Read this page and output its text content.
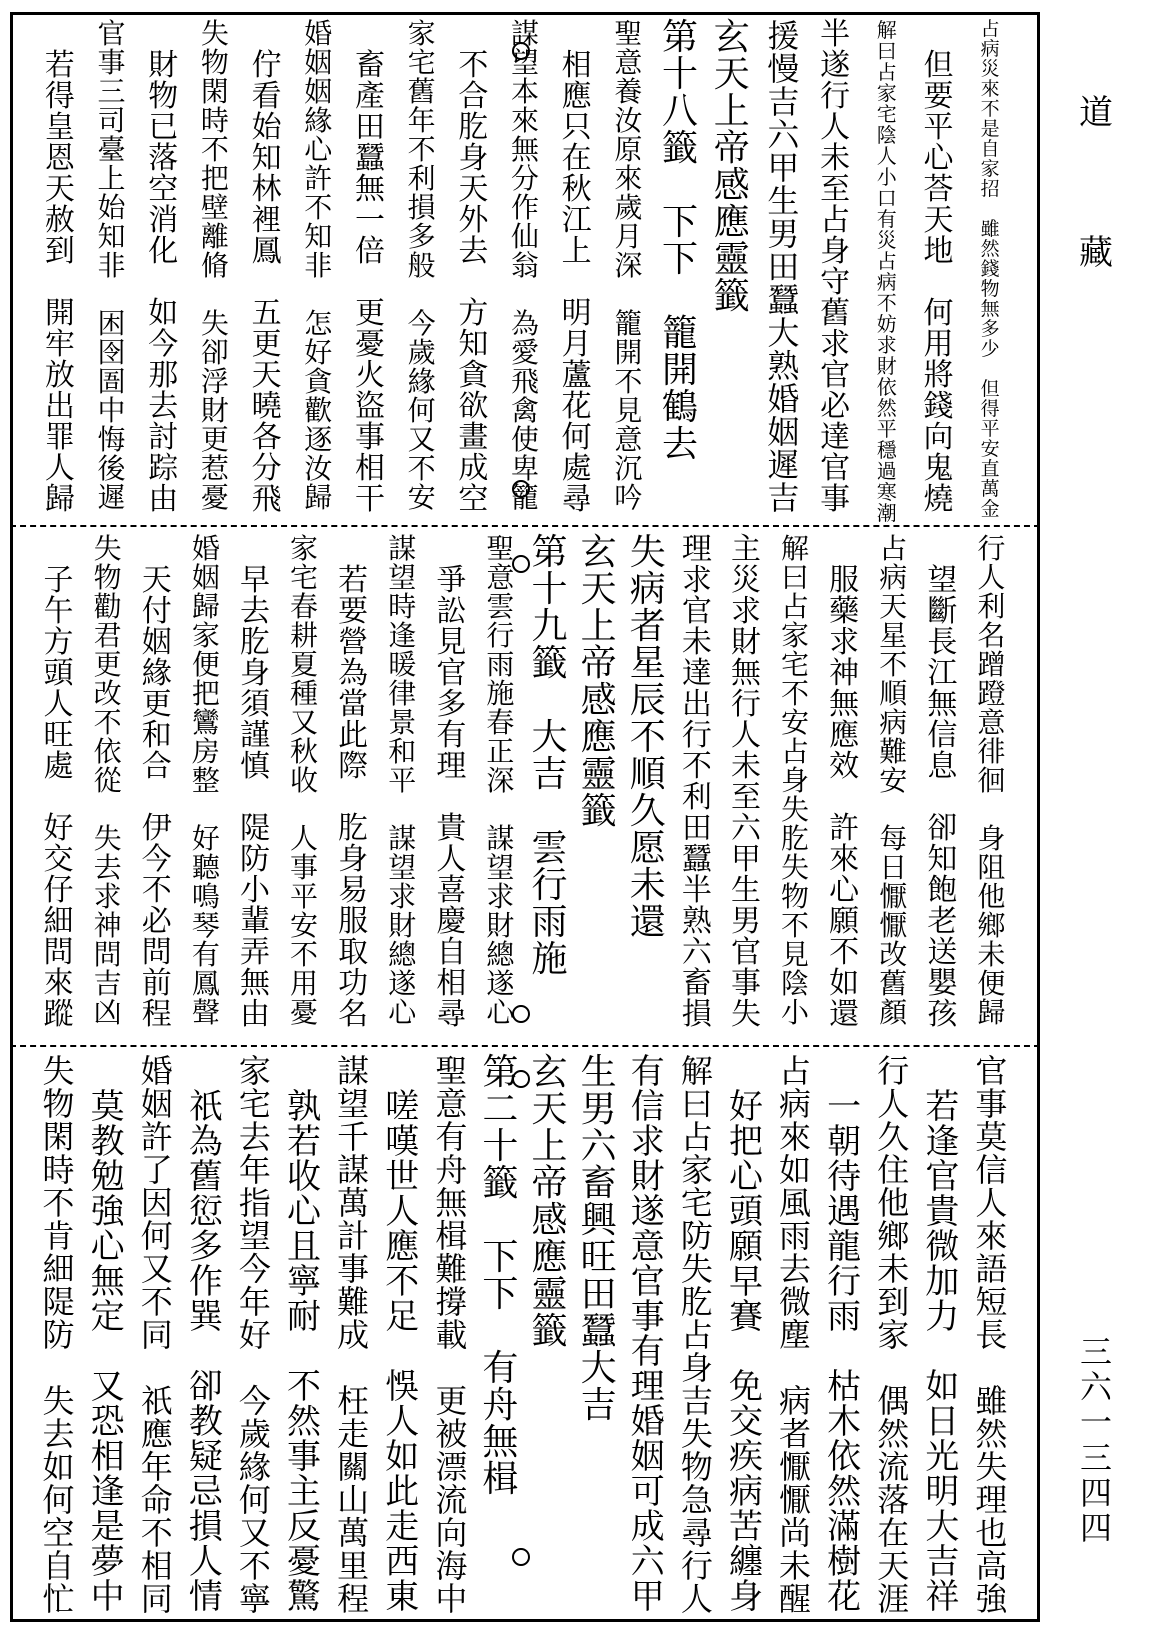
道
藏
三
六
一
三
四
四
占
病
災
來
不
是
自
家
招
雖
然
錢
物
無
多
少
但
得
平
安
直
萬
金
但
要
平
心
荅
天
地
何
用
將
錢
向
鬼
燒
解
曰
占
家
宅
陰
人
小
口
有
災
占
病
不
妨
求
財
依
然
平
穩
過
寒
潮
半
遂
行
人
未
至
占
身
守
舊
求
官
必
達
官
事
援
慢
吉
六
甲
生
男
田
蠶
大
熟
婚
姻
遲
吉
玄
天
上
帝
感
應
靈
籤
第
十
八
籤
下
下
籠
開
鶴
去
聖
意
養
汝
原
來
歲
月
深
籠
開
不
見
意
沉
吟
相
應
只
在
秋
江
上
明
月
蘆
花
何
處
尋
謀
望
本
來
無
分
作
仙
翁
為
愛
飛
禽
使
卑
籠
不
合
肐
身
天
外
去
方
知
貪
欲
畫
成
空
家
宅
舊
年
不
利
損
多
般
今
歲
緣
何
又
不
安
畜
產
田
蠶
無
一
倍
更
憂
火
盜
事
相
干
婚
姻
姻
緣
心
許
不
知
非
怎
好
貪
歡
逐
汝
歸
佇
看
始
知
林
裡
鳳
五
更
天
曉
各
分
飛
失
物
閑
時
不
把
壁
離
脩
失
卻
浮
財
更
惹
憂
財
物
已
落
空
消
化
如
今
那
去
討
踪
由
官
事
三
司
臺
上
始
知
非
困
囹
圄
中
悔
後
遲
若
得
皇
恩
天
赦
到
開
牢
放
出
罪
人
歸
行
人
利
名
蹭
蹬
意
徘
徊
身
阻
他
鄉
未
便
歸
望
斷
長
江
無
信
息
卻
知
飽
老
送
嬰
孩
占
病
天
星
不
順
病
難
安
每
日
懨
懨
改
舊
顏
服
藥
求
神
無
應
效
許
來
心
願
不
如
還
解
曰
占
家
宅
不
安
占
身
失
肐
失
物
不
見
陰
小
主
災
求
財
無
行
人
未
至
六
甲
生
男
官
事
失
理
求
官
未
達
出
行
不
利
田
蠶
半
熟
六
畜
損
失
病
者
星
辰
不
順
久
愿
未
還
玄
天
上
帝
感
應
靈
籤
第
十
九
籤
大
吉
雲
行
雨
施
聖
意
雲
行
雨
施
春
正
深
謀
望
求
財
總
遂
心
爭
訟
見
官
多
有
理
貴
人
喜
慶
自
相
尋
謀
望
時
逢
暖
律
景
和
平
謀
望
求
財
總
遂
心
若
要
營
為
當
此
際
肐
身
易
服
取
功
名
家
宅
春
耕
夏
種
又
秋
收
人
事
平
安
不
用
憂
早
去
肐
身
須
謹
慎
隄
防
小
輩
弄
無
由
婚
姻
歸
家
便
把
鸞
房
整
好
聽
鳴
琴
有
鳳
聲
天
付
姻
緣
更
和
合
伊
今
不
必
問
前
程
失
物
勸
君
更
改
不
依
從
失
去
求
神
問
吉
凶
子
午
方
頭
人
旺
處
好
交
仔
細
問
來
蹤
官
事
莫
信
人
來
語
短
長
雖
然
失
理
也
高
強
若
逢
官
貴
微
加
力
如
日
光
明
大
吉
祥
行
人
久
住
他
鄉
未
到
家
偶
然
流
落
在
天
涯
一
朝
待
遇
龍
行
雨
枯
木
依
然
滿
樹
花
占
病
來
如
風
雨
去
微
塵
病
者
懨
懨
尚
未
醒
好
把
心
頭
願
早
賽
免
交
疾
病
苦
纏
身
解
曰
占
家
宅
防
失
肐
占
身
吉
失
物
急
尋
行
人
有
信
求
財
遂
意
官
事
有
理
婚
姻
可
成
六
甲
生
男
六
畜
興
旺
田
蠶
大
吉
玄
天
上
帝
感
應
靈
籤
第
二
十
籤
下
下
有
舟
無
楫
聖
意
有
舟
無
楫
難
撐
載
更
被
漂
流
向
海
中
嗟
嘆
世
人
應
不
足
悞
人
如
此
走
西
東
謀
望
千
謀
萬
計
事
難
成
枉
走
關
山
萬
里
程
孰
若
收
心
且
寧
耐
不
然
事
主
反
憂
驚
家
宅
去
年
指
望
今
年
好
今
歲
緣
何
又
不
寧
祇
為
舊
愆
多
作
巽
卻
教
疑
忌
損
人
情
婚
姻
許
了
因
何
又
不
同
祇
應
年
命
不
相
同
莫
教
勉
強
心
無
定
又
恐
相
逢
是
夢
中
失
物
閑
時
不
肯
細
隄
防
失
去
如
何
空
自
忙
